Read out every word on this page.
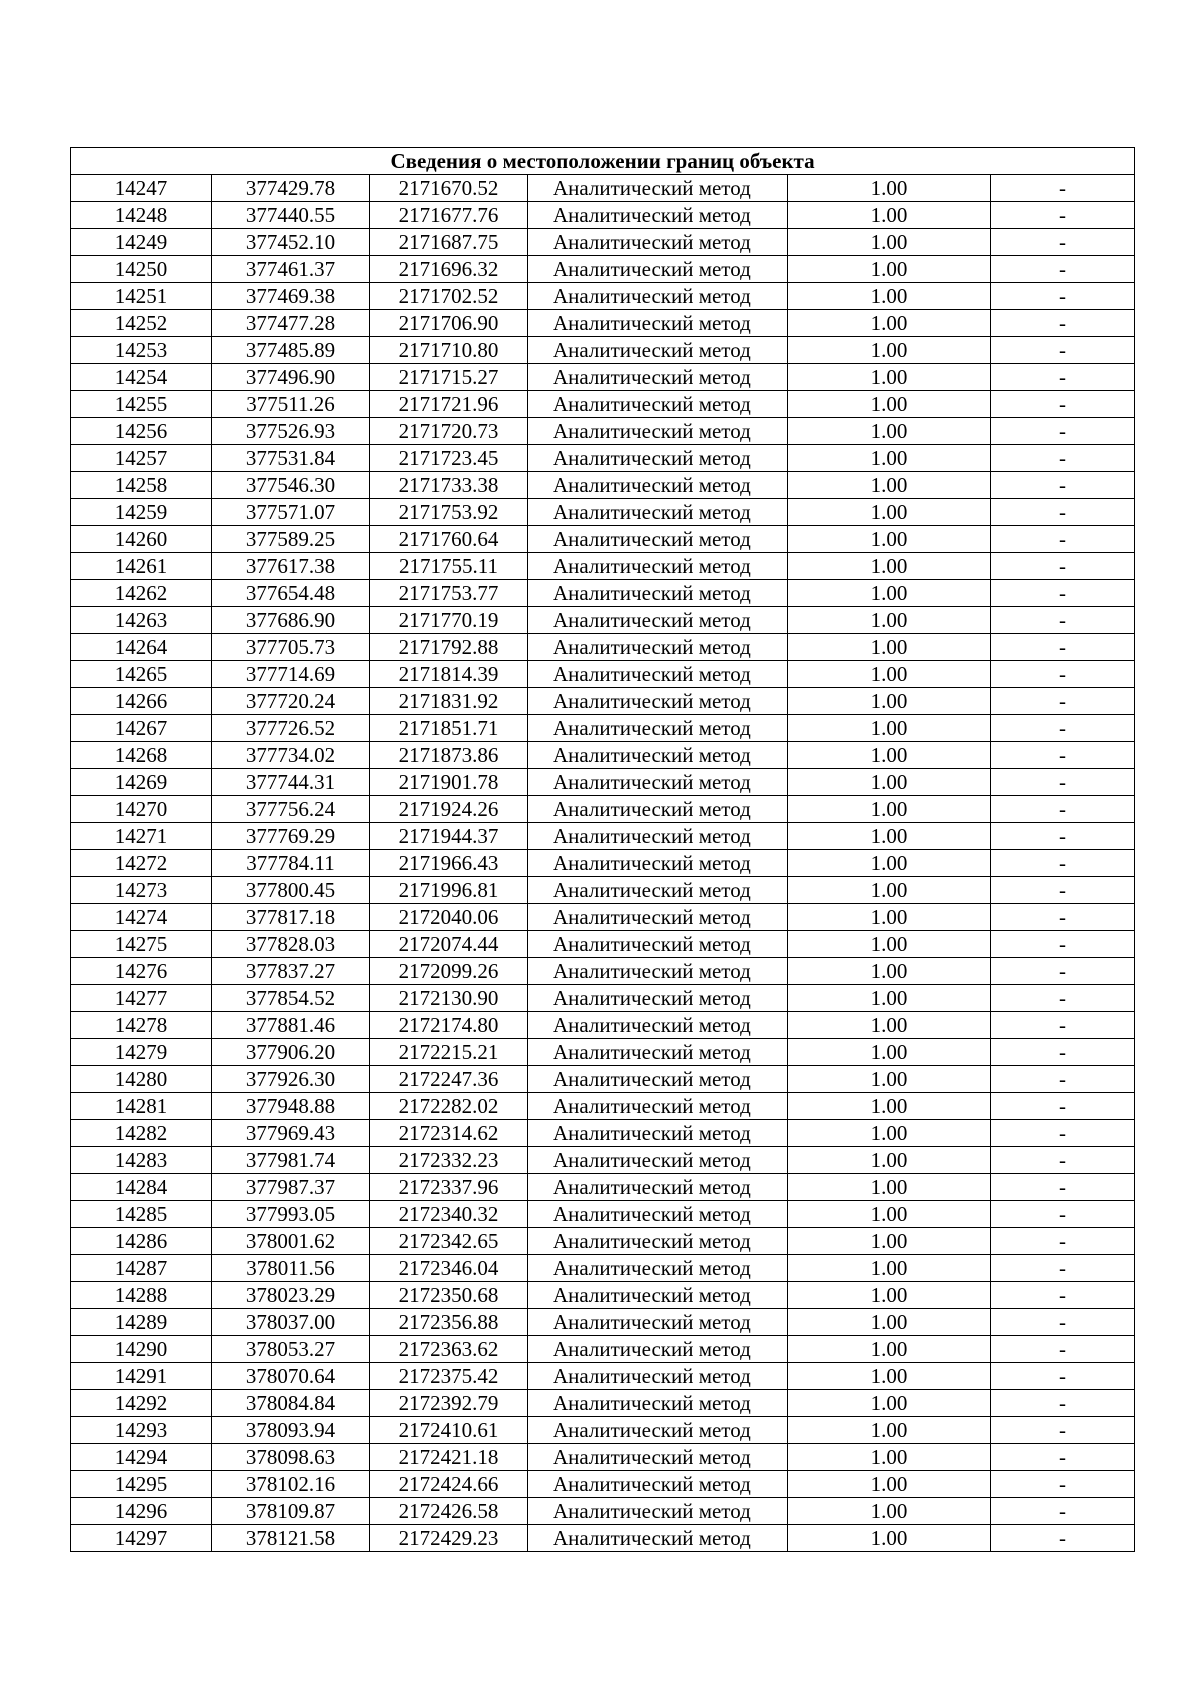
Сведения о местоположении границ объекта					
14247	377429.78	2171670.52	Аналитический метод	1.00	-
14248	377440.55	2171677.76	Аналитический метод	1.00	-
14249	377452.10	2171687.75	Аналитический метод	1.00	-
14250	377461.37	2171696.32	Аналитический метод	1.00	-
14251	377469.38	2171702.52	Аналитический метод	1.00	-
14252	377477.28	2171706.90	Аналитический метод	1.00	-
14253	377485.89	2171710.80	Аналитический метод	1.00	-
14254	377496.90	2171715.27	Аналитический метод	1.00	-
14255	377511.26	2171721.96	Аналитический метод	1.00	-
14256	377526.93	2171720.73	Аналитический метод	1.00	-
14257	377531.84	2171723.45	Аналитический метод	1.00	-
14258	377546.30	2171733.38	Аналитический метод	1.00	-
14259	377571.07	2171753.92	Аналитический метод	1.00	-
14260	377589.25	2171760.64	Аналитический метод	1.00	-
14261	377617.38	2171755.11	Аналитический метод	1.00	-
14262	377654.48	2171753.77	Аналитический метод	1.00	-
14263	377686.90	2171770.19	Аналитический метод	1.00	-
14264	377705.73	2171792.88	Аналитический метод	1.00	-
14265	377714.69	2171814.39	Аналитический метод	1.00	-
14266	377720.24	2171831.92	Аналитический метод	1.00	-
14267	377726.52	2171851.71	Аналитический метод	1.00	-
14268	377734.02	2171873.86	Аналитический метод	1.00	-
14269	377744.31	2171901.78	Аналитический метод	1.00	-
14270	377756.24	2171924.26	Аналитический метод	1.00	-
14271	377769.29	2171944.37	Аналитический метод	1.00	-
14272	377784.11	2171966.43	Аналитический метод	1.00	-
14273	377800.45	2171996.81	Аналитический метод	1.00	-
14274	377817.18	2172040.06	Аналитический метод	1.00	-
14275	377828.03	2172074.44	Аналитический метод	1.00	-
14276	377837.27	2172099.26	Аналитический метод	1.00	-
14277	377854.52	2172130.90	Аналитический метод	1.00	-
14278	377881.46	2172174.80	Аналитический метод	1.00	-
14279	377906.20	2172215.21	Аналитический метод	1.00	-
14280	377926.30	2172247.36	Аналитический метод	1.00	-
14281	377948.88	2172282.02	Аналитический метод	1.00	-
14282	377969.43	2172314.62	Аналитический метод	1.00	-
14283	377981.74	2172332.23	Аналитический метод	1.00	-
14284	377987.37	2172337.96	Аналитический метод	1.00	-
14285	377993.05	2172340.32	Аналитический метод	1.00	-
14286	378001.62	2172342.65	Аналитический метод	1.00	-
14287	378011.56	2172346.04	Аналитический метод	1.00	-
14288	378023.29	2172350.68	Аналитический метод	1.00	-
14289	378037.00	2172356.88	Аналитический метод	1.00	-
14290	378053.27	2172363.62	Аналитический метод	1.00	-
14291	378070.64	2172375.42	Аналитический метод	1.00	-
14292	378084.84	2172392.79	Аналитический метод	1.00	-
14293	378093.94	2172410.61	Аналитический метод	1.00	-
14294	378098.63	2172421.18	Аналитический метод	1.00	-
14295	378102.16	2172424.66	Аналитический метод	1.00	-
14296	378109.87	2172426.58	Аналитический метод	1.00	-
14297	378121.58	2172429.23	Аналитический метод	1.00	-
